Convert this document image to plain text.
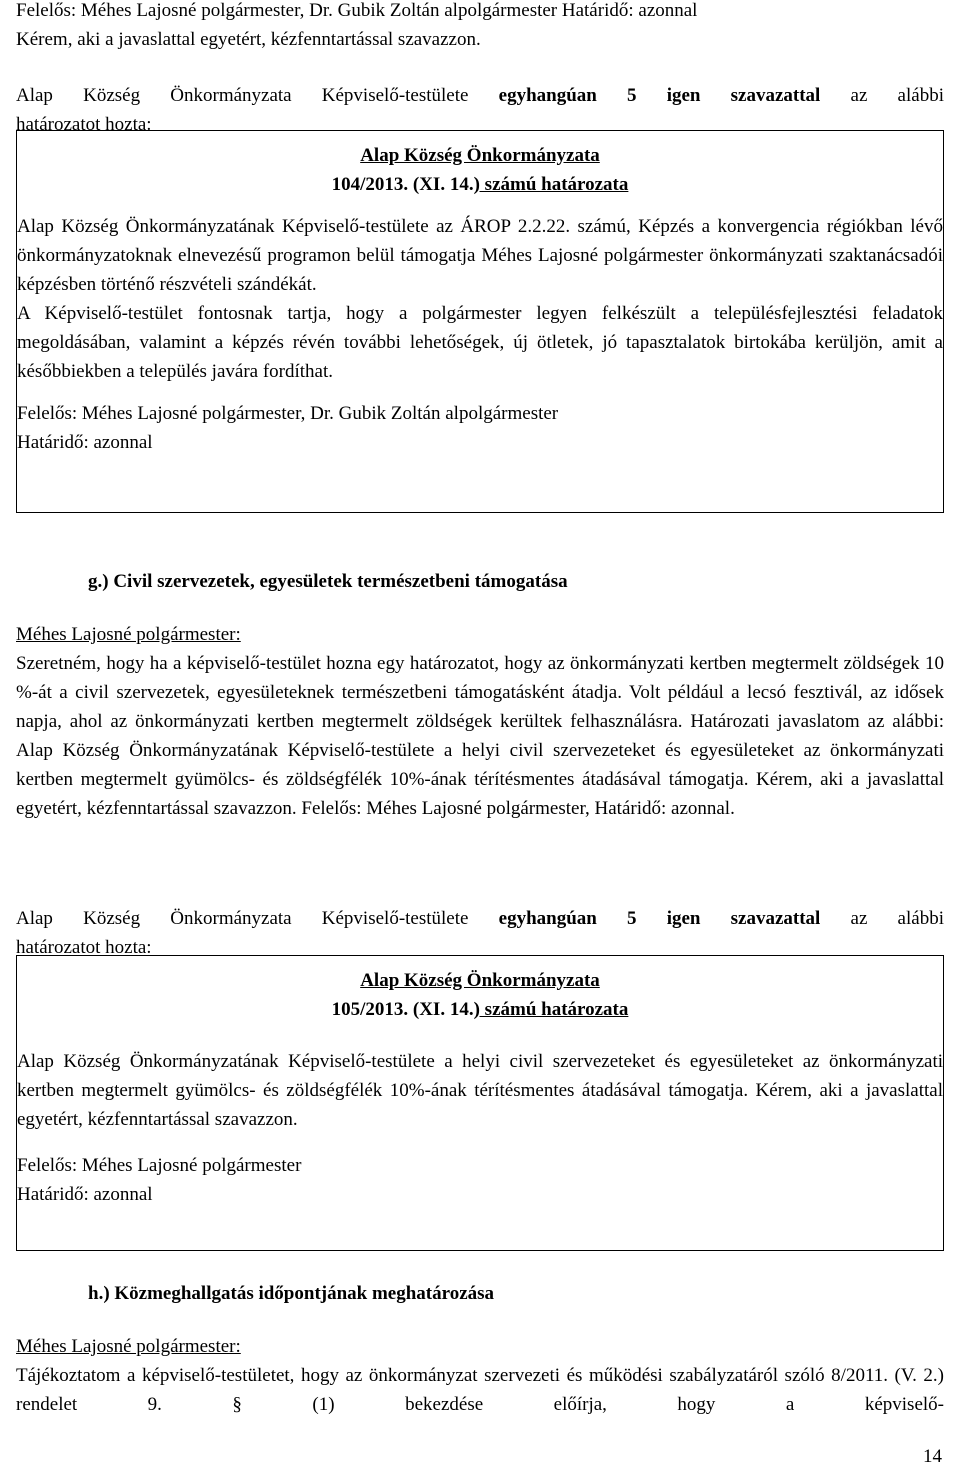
Felelős: Méhes Lajosné polgármester, Dr. Gubik Zoltán alpolgármester Határidő: azonnal

Kérem, aki a javaslattal egyetért, kézfenntartással szavazzon.

Alap Község Önkormányzata Képviselő-testülete egyhangúan 5 igen szavazattal az alábbi

határozatot hozta:

Alap Község Önkormányzata

104/2013. (XI. 14.) számú határozata

Alap Község Önkormányzatának Képviselő-testülete az ÁROP 2.2.22. számú, Képzés a konvergencia régiókban lévő önkormányzatoknak elnevezésű programon belül támogatja Méhes Lajosné polgármester önkormányzati szaktanácsadói képzésben történő részvételi szándékát.

A Képviselő-testület fontosnak tartja, hogy a polgármester legyen felkészült a településfejlesztési feladatok megoldásában, valamint a képzés révén további lehetőségek, új ötletek, jó tapasztalatok birtokába kerüljön, amit a későbbiekben a település javára fordíthat.

Felelős: Méhes Lajosné polgármester, Dr. Gubik Zoltán alpolgármester

Határidő: azonnal

g.) Civil szervezetek, egyesületek természetbeni támogatása

Méhes Lajosné polgármester:

Szeretném, hogy ha a képviselő-testület hozna egy határozatot, hogy az önkormányzati kertben megtermelt zöldségek 10 %-át a civil szervezetek, egyesületeknek természetbeni támogatásként átadja. Volt például a lecsó fesztivál, az idősek napja, ahol az önkormányzati kertben megtermelt zöldségek kerültek felhasználásra. Határozati javaslatom az alábbi: Alap Község Önkormányzatának Képviselő-testülete a helyi civil szervezeteket és egyesületeket az önkormányzati kertben megtermelt gyümölcs- és zöldségfélék 10%-ának térítésmentes átadásával támogatja. Kérem, aki a javaslattal egyetért, kézfenntartással szavazzon. Felelős: Méhes Lajosné polgármester, Határidő: azonnal.

Alap Község Önkormányzata Képviselő-testülete egyhangúan 5 igen szavazattal az alábbi

határozatot hozta:

Alap Község Önkormányzata

105/2013. (XI. 14.) számú határozata

Alap Község Önkormányzatának Képviselő-testülete a helyi civil szervezeteket és egyesületeket az önkormányzati kertben megtermelt gyümölcs- és zöldségfélék 10%-ának térítésmentes átadásával támogatja. Kérem, aki a javaslattal egyetért, kézfenntartással szavazzon.

Felelős: Méhes Lajosné polgármester

Határidő: azonnal

h.) Közmeghallgatás időpontjának meghatározása

Méhes Lajosné polgármester:

Tájékoztatom a képviselő-testületet, hogy az önkormányzat szervezeti és működési szabályzatáról szóló 8/2011. (V. 2.) rendelet 9. § (1) bekezdése előírja, hogy a képviselő-

14
